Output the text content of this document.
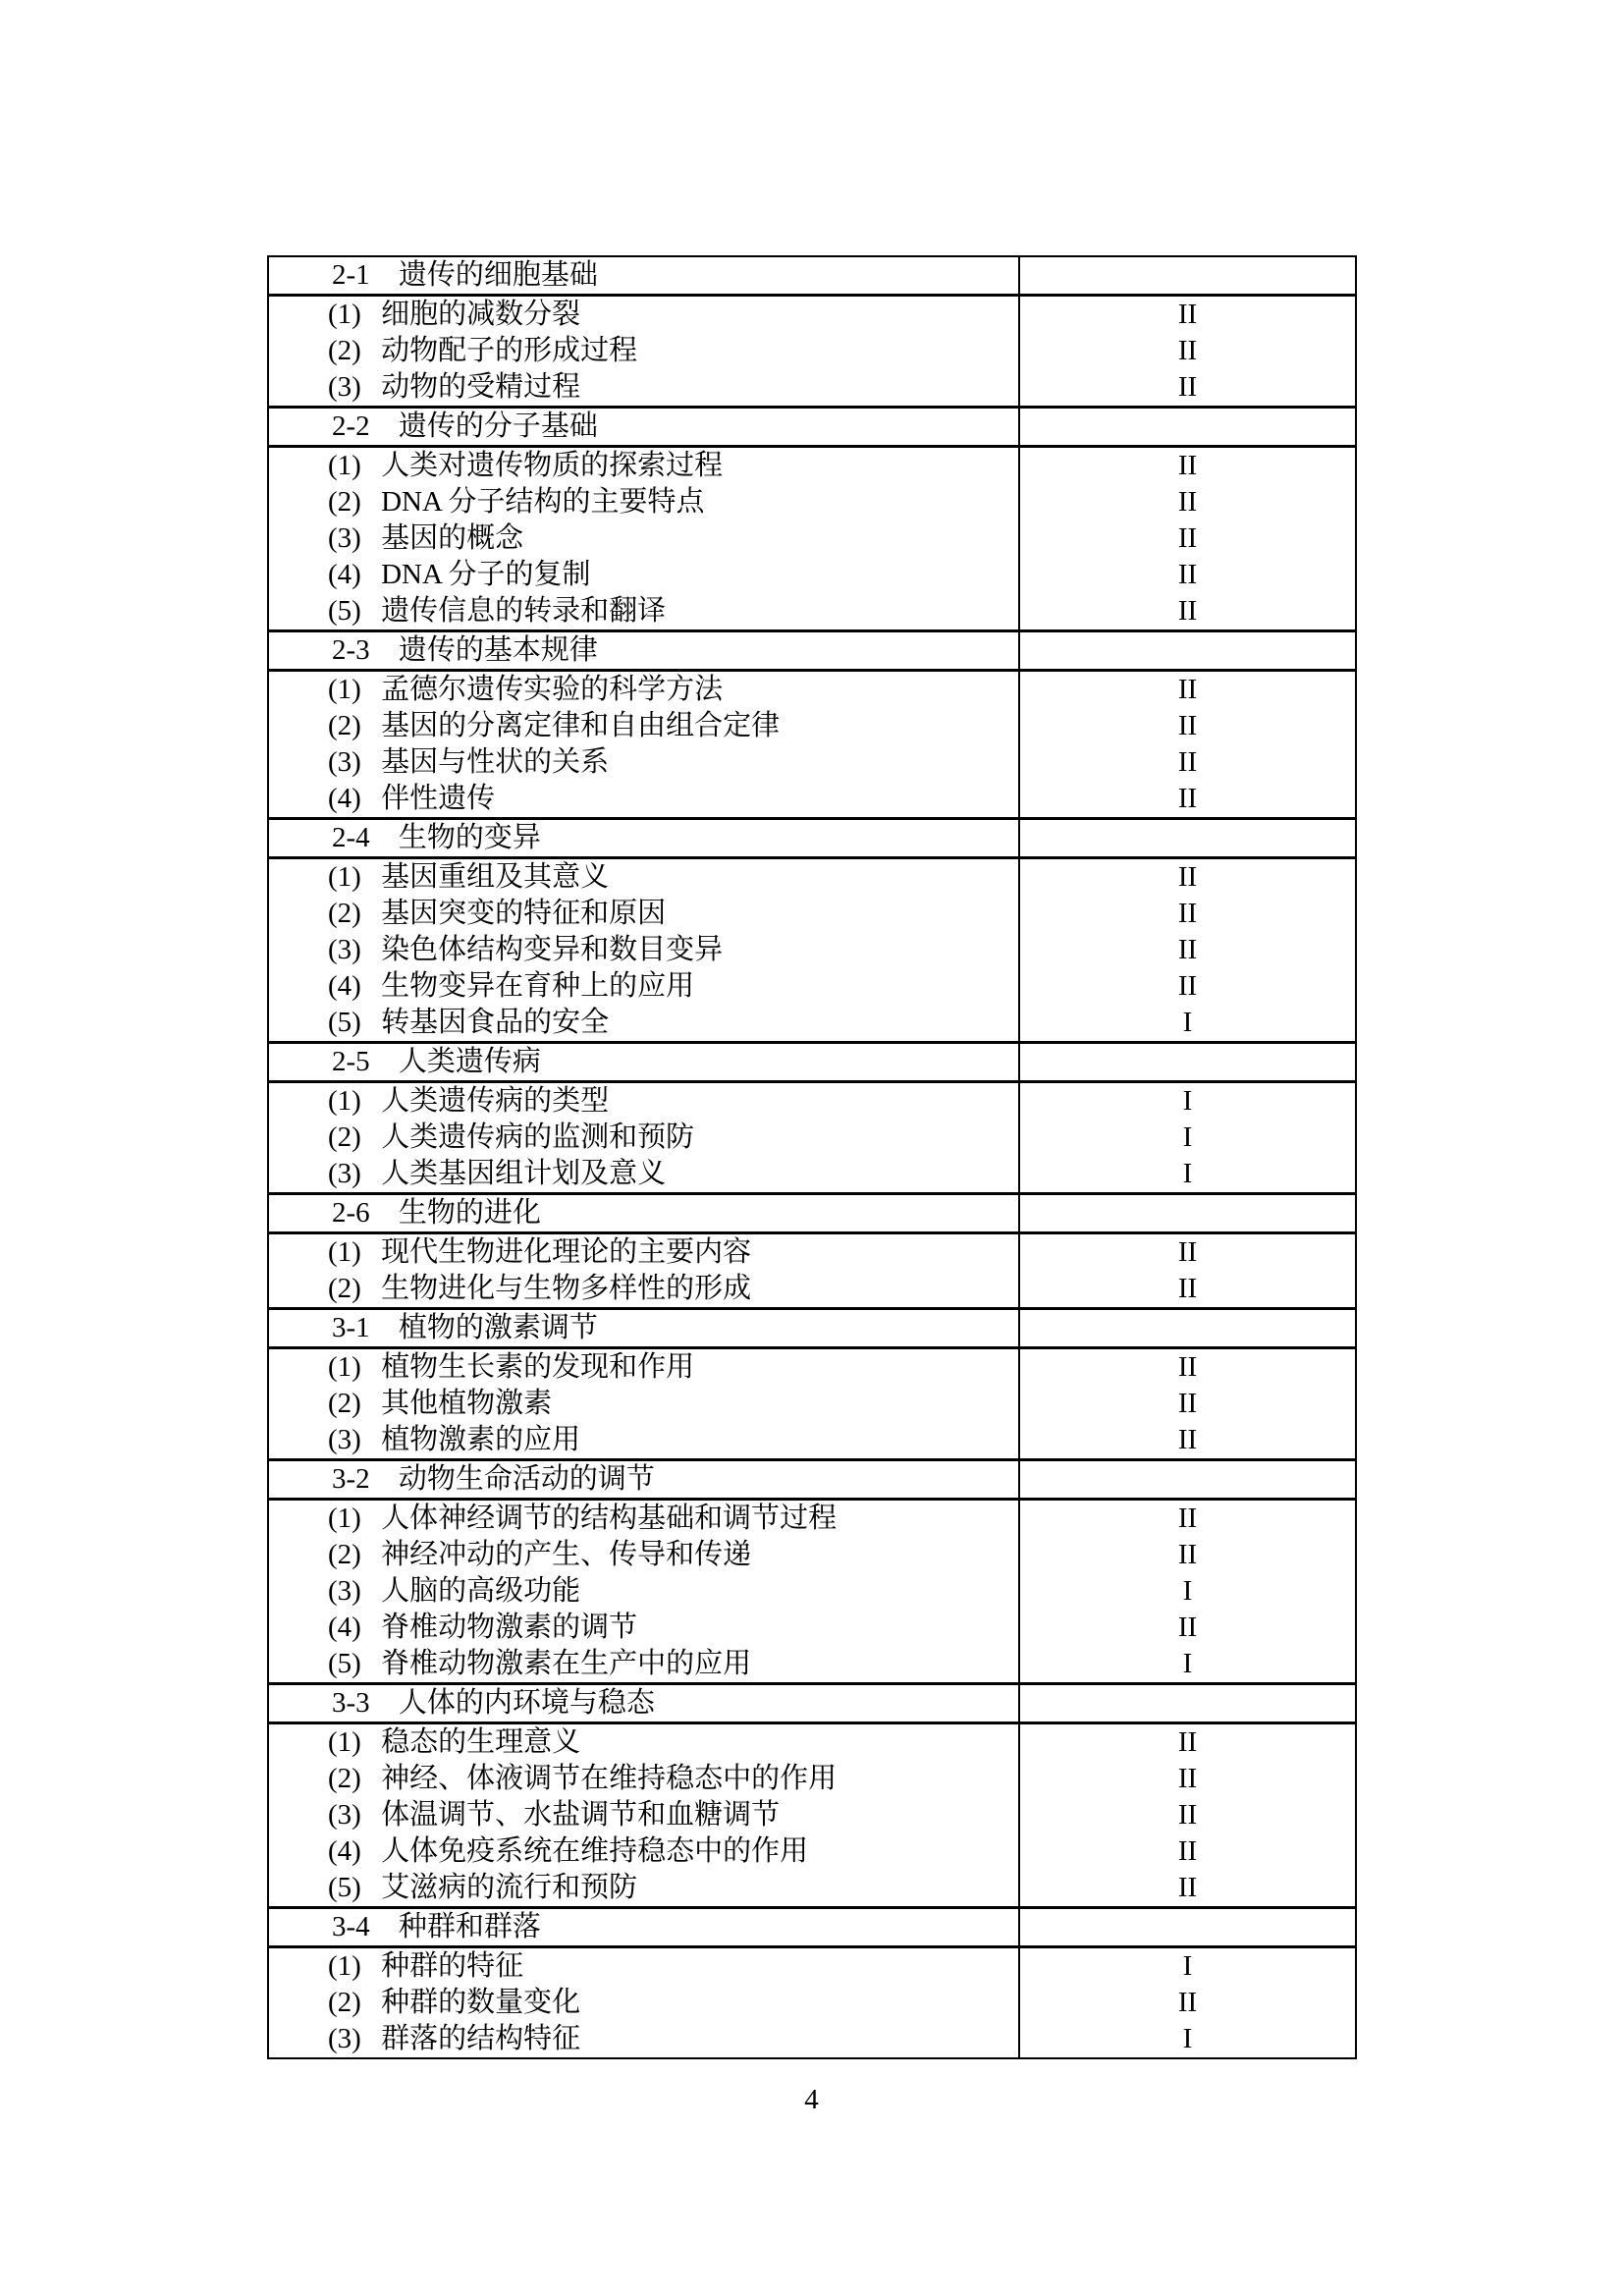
2-1 遗传的细胞基础
(1) 细胞的减数分裂
(2) 动物配子的形成过程
(3) 动物的受精过程
II
II
II
2-2 遗传的分子基础
(1) 人类对遗传物质的探索过程
(2) DNA 分子结构的主要特点
(3) 基因的概念
(4) DNA 分子的复制
(5) 遗传信息的转录和翻译
II
II
II
II
II
2-3 遗传的基本规律
(1) 孟德尔遗传实验的科学方法
(2) 基因的分离定律和自由组合定律
(3) 基因与性状的关系
(4) 伴性遗传
II
II
II
II
2-4 生物的变异
(1) 基因重组及其意义
(2) 基因突变的特征和原因
(3) 染色体结构变异和数目变异
(4) 生物变异在育种上的应用
(5) 转基因食品的安全
II
II
II
II
I
2-5 人类遗传病
(1) 人类遗传病的类型
(2) 人类遗传病的监测和预防
(3) 人类基因组计划及意义
I
I
I
2-6 生物的进化
(1) 现代生物进化理论的主要内容
(2) 生物进化与生物多样性的形成
II
II
3-1 植物的激素调节
(1) 植物生长素的发现和作用
(2) 其他植物激素
(3) 植物激素的应用
II
II
II
3-2 动物生命活动的调节
(1) 人体神经调节的结构基础和调节过程
(2) 神经冲动的产生、传导和传递
(3) 人脑的高级功能
(4) 脊椎动物激素的调节
(5) 脊椎动物激素在生产中的应用
II
II
I
II
I
3-3 人体的内环境与稳态
(1) 稳态的生理意义
(2) 神经、体液调节在维持稳态中的作用
(3) 体温调节、水盐调节和血糖调节
(4) 人体免疫系统在维持稳态中的作用
(5) 艾滋病的流行和预防
II
II
II
II
II
3-4 种群和群落
(1) 种群的特征
(2) 种群的数量变化
(3) 群落的结构特征
I
II
I
4
